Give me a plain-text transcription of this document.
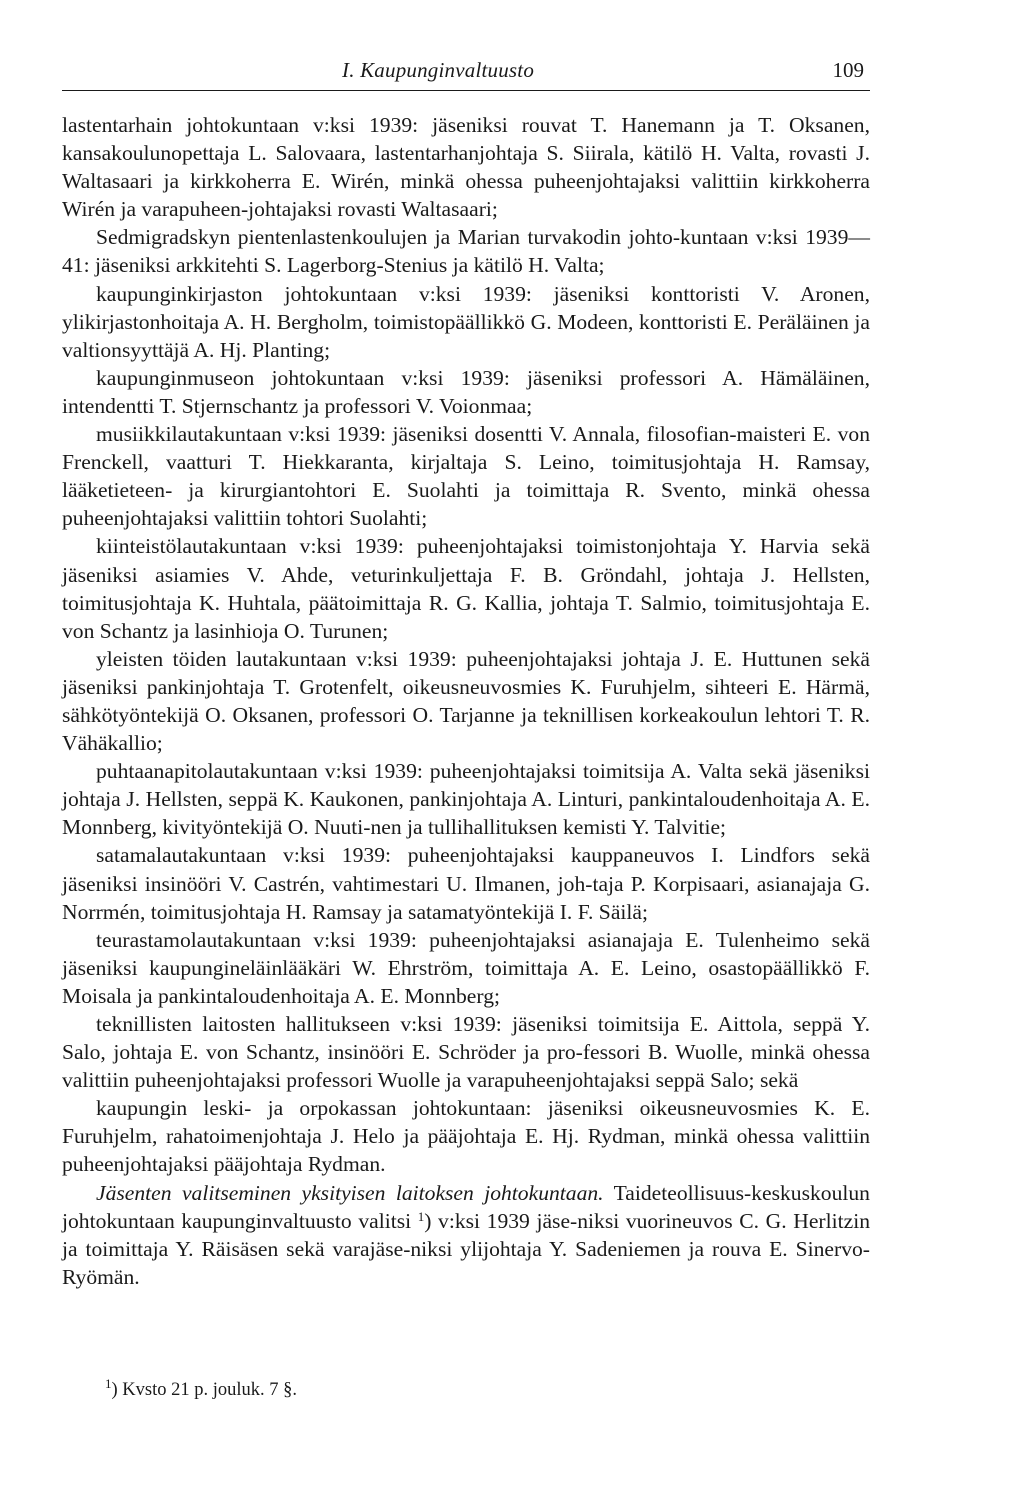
I. Kaupunginvaltuusto	109

lastentarhain johtokuntaan v:ksi 1939: jäseniksi rouvat T. Hanemann ja T. Oksanen, kansakoulunopettaja L. Salovaara, lastentarhanjohtaja S. Siirala, kätilö H. Valta, rovasti J. Waltasaari ja kirkkoherra E. Wirén, minkä ohessa puheenjohtajaksi valittiin kirkkoherra Wirén ja varapuheen-johtajaksi rovasti Waltasaari;

Sedmigradskyn pientenlastenkoulujen ja Marian turvakodin johto-kuntaan v:ksi 1939—41: jäseniksi arkkitehti S. Lagerborg-Stenius ja kätilö H. Valta;

kaupunginkirjaston johtokuntaan v:ksi 1939: jäseniksi konttoristi V. Aronen, ylikirjastonhoitaja A. H. Bergholm, toimistopäällikkö G. Modeen, konttoristi E. Peräläinen ja valtionsyyttäjä A. Hj. Planting;

kaupunginmuseon johtokuntaan v:ksi 1939: jäseniksi professori A. Hämäläinen, intendentti T. Stjernschantz ja professori V. Voionmaa;

musiikkilautakuntaan v:ksi 1939: jäseniksi dosentti V. Annala, filosofian-maisteri E. von Frenckell, vaatturi T. Hiekkaranta, kirjaltaja S. Leino, toimitusjohtaja H. Ramsay, lääketieteen- ja kirurgiantohtori E. Suolahti ja toimittaja R. Svento, minkä ohessa puheenjohtajaksi valittiin tohtori Suolahti;

kiinteistölautakuntaan v:ksi 1939: puheenjohtajaksi toimistonjohtaja Y. Harvia sekä jäseniksi asiamies V. Ahde, veturinkuljettaja F. B. Gröndahl, johtaja J. Hellsten, toimitusjohtaja K. Huhtala, päätoimittaja R. G. Kallia, johtaja T. Salmio, toimitusjohtaja E. von Schantz ja lasinhioja O. Turunen;

yleisten töiden lautakuntaan v:ksi 1939: puheenjohtajaksi johtaja J. E. Huttunen sekä jäseniksi pankinjohtaja T. Grotenfelt, oikeusneuvosmies K. Furuhjelm, sihteeri E. Härmä, sähkötyöntekijä O. Oksanen, professori O. Tarjanne ja teknillisen korkeakoulun lehtori T. R. Vähäkallio;

puhtaanapitolautakuntaan v:ksi 1939: puheenjohtajaksi toimitsija A. Valta sekä jäseniksi johtaja J. Hellsten, seppä K. Kaukonen, pankinjohtaja A. Linturi, pankintaloudenhoitaja A. E. Monnberg, kivityöntekijä O. Nuuti-nen ja tullihallituksen kemisti Y. Talvitie;

satamalautakuntaan v:ksi 1939: puheenjohtajaksi kauppaneuvos I. Lindfors sekä jäseniksi insinööri V. Castrén, vahtimestari U. Ilmanen, joh-taja P. Korpisaari, asianajaja G. Norrmén, toimitusjohtaja H. Ramsay ja satamatyöntekijä I. F. Säilä;

teurastamolautakuntaan v:ksi 1939: puheenjohtajaksi asianajaja E. Tulenheimo sekä jäseniksi kaupungineläinlääkäri W. Ehrström, toimittaja A. E. Leino, osastopäällikkö F. Moisala ja pankintaloudenhoitaja A. E. Monnberg;

teknillisten laitosten hallitukseen v:ksi 1939: jäseniksi toimitsija E. Aittola, seppä Y. Salo, johtaja E. von Schantz, insinööri E. Schröder ja pro-fessori B. Wuolle, minkä ohessa valittiin puheenjohtajaksi professori Wuolle ja varapuheenjohtajaksi seppä Salo; sekä

kaupungin leski- ja orpokassan johtokuntaan: jäseniksi oikeusneuvosmies K. E. Furuhjelm, rahatoimenjohtaja J. Helo ja pääjohtaja E. Hj. Rydman, minkä ohessa valittiin puheenjohtajaksi pääjohtaja Rydman.

Jäsenten valitseminen yksityisen laitoksen johtokuntaan. Taideteollisuus-keskuskoulun johtokuntaan kaupunginvaltuusto valitsi $^1$) v:ksi 1939 jäse-niksi vuorineuvos C. G. Herlitzin ja toimittaja Y. Räisäsen sekä varajäse-niksi ylijohtaja Y. Sadeniemen ja rouva E. Sinervo-Ryömän.

$^1$) Kvsto 21 p. jouluk. 7 §.
